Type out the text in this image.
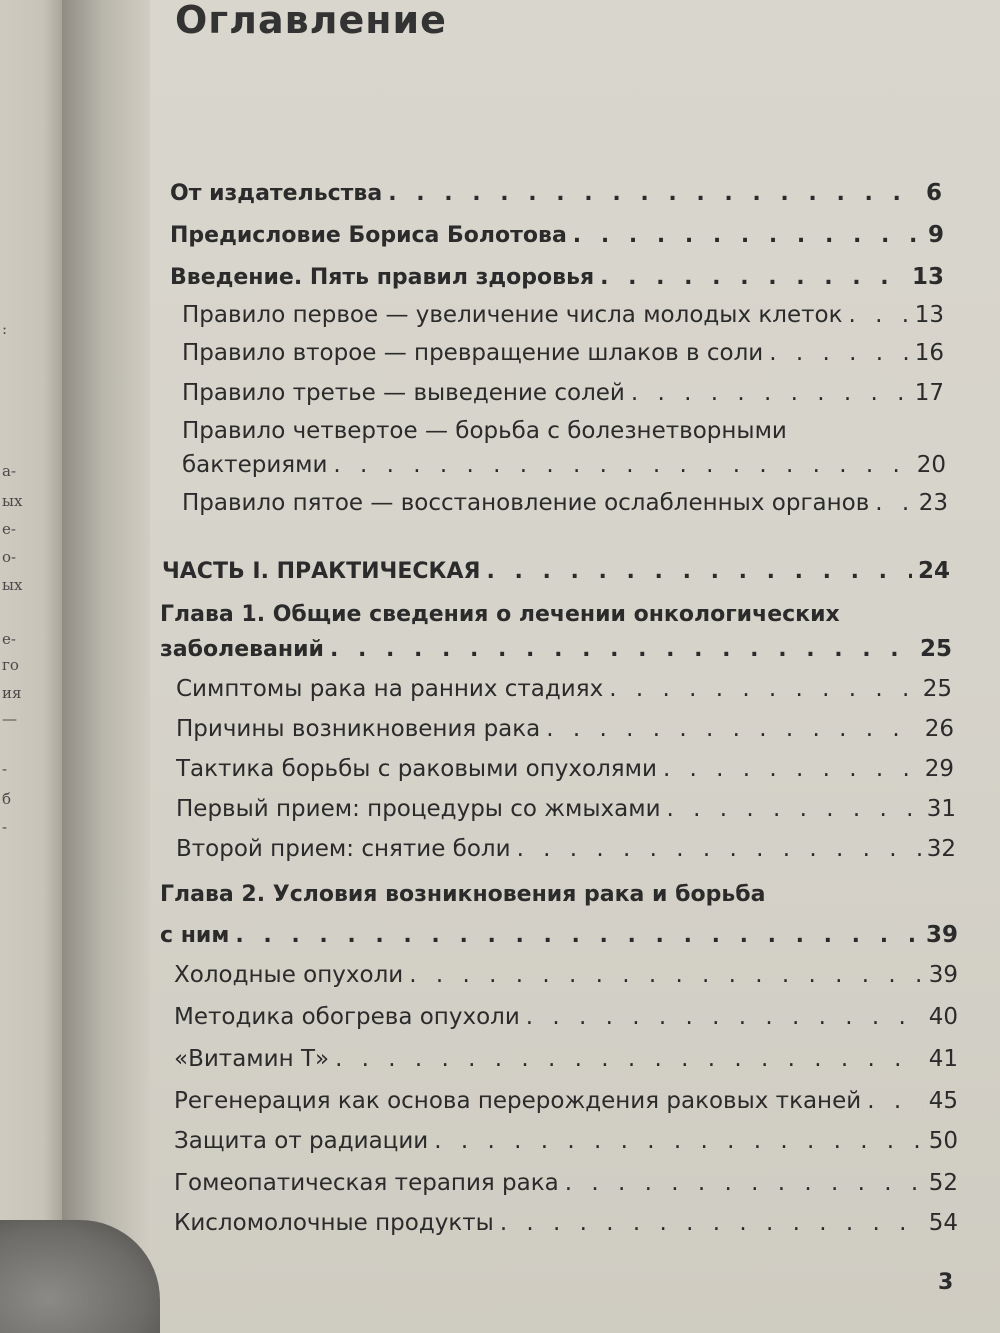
:
а-
ых
е-
о-
ых
е-
го
ия
—
-
б
-
Оглавление
От издательства . . .	6
Предисловие Бориса Болотова . . .	9
Введение. Пять правил здоровья . . .	13
Правило первое — увеличение числа молодых клеток . . .	13
Правило второе — превращение шлаков в соли . . .	16
Правило третье — выведение солей . . .	17
Правило четвертое — борьба с болезнетворными
бактериями . . .	20
Правило пятое — восстановление ослабленных органов . . . 23
ЧАСТЬ I. ПРАКТИЧЕСКАЯ . . .	24
Глава 1. Общие сведения о лечении онкологических
заболеваний . . .	25
Симптомы рака на ранних стадиях . . .	25
Причины возникновения рака . . .	26
Тактика борьбы с раковыми опухолями . . .	29
Первый прием: процедуры со жмыхами . . .	31
Второй прием: снятие боли . . .	32
Глава 2. Условия возникновения рака и борьба
с ним . . .	39
Холодные опухоли . . .	39
Методика обогрева опухоли . . .	40
«Витамин Т» . . .	41
Регенерация как основа перерождения раковых тканей . . .	45
Защита от радиации . . .	50
Гомеопатическая терапия рака . . .	52
Кисломолочные продукты . . .	54
3
